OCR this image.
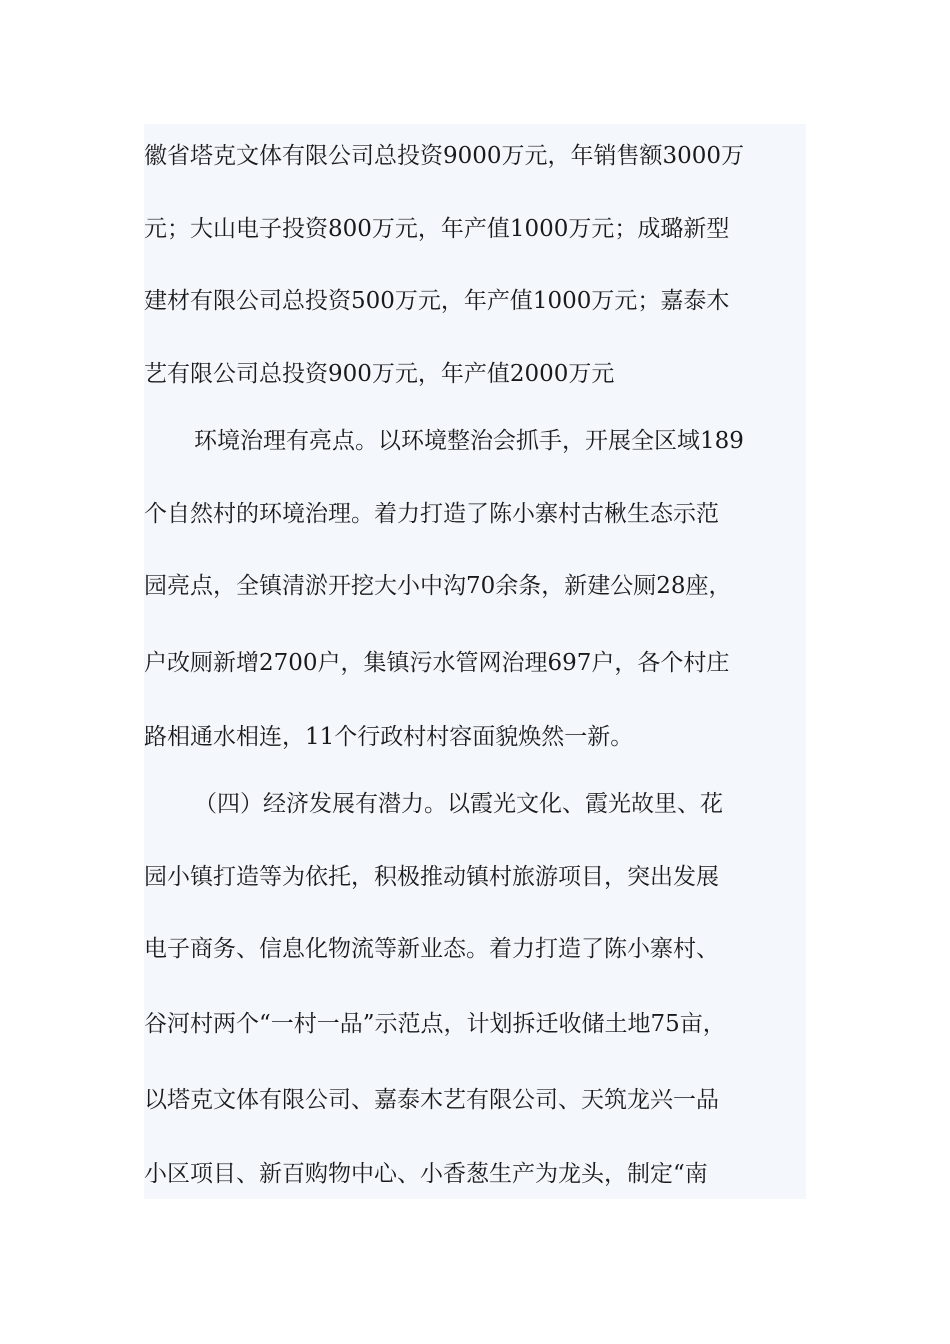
徽省塔克文体有限公司总投资9000万元，年销售额3000万
元；大山电子投资800万元，年产值1000万元；成璐新型
建材有限公司总投资500万元，年产值1000万元；嘉泰木
艺有限公司总投资900万元，年产值2000万元
环境治理有亮点。以环境整治会抓手，开展全区域189
个自然村的环境治理。着力打造了陈小寨村古楸生态示范
园亮点，全镇清淤开挖大小中沟70余条，新建公厕28座，
户改厕新增2700户，集镇污水管网治理697户，各个村庄
路相通水相连，11个行政村村容面貌焕然一新。
（四）经济发展有潜力。以霞光文化、霞光故里、花
园小镇打造等为依托，积极推动镇村旅游项目，突出发展
电子商务、信息化物流等新业态。着力打造了陈小寨村、
谷河村两个“一村一品”示范点，计划拆迁收储土地75亩，
以塔克文体有限公司、嘉泰木艺有限公司、天筑龙兴一品
小区项目、新百购物中心、小香葱生产为龙头，制定“南
